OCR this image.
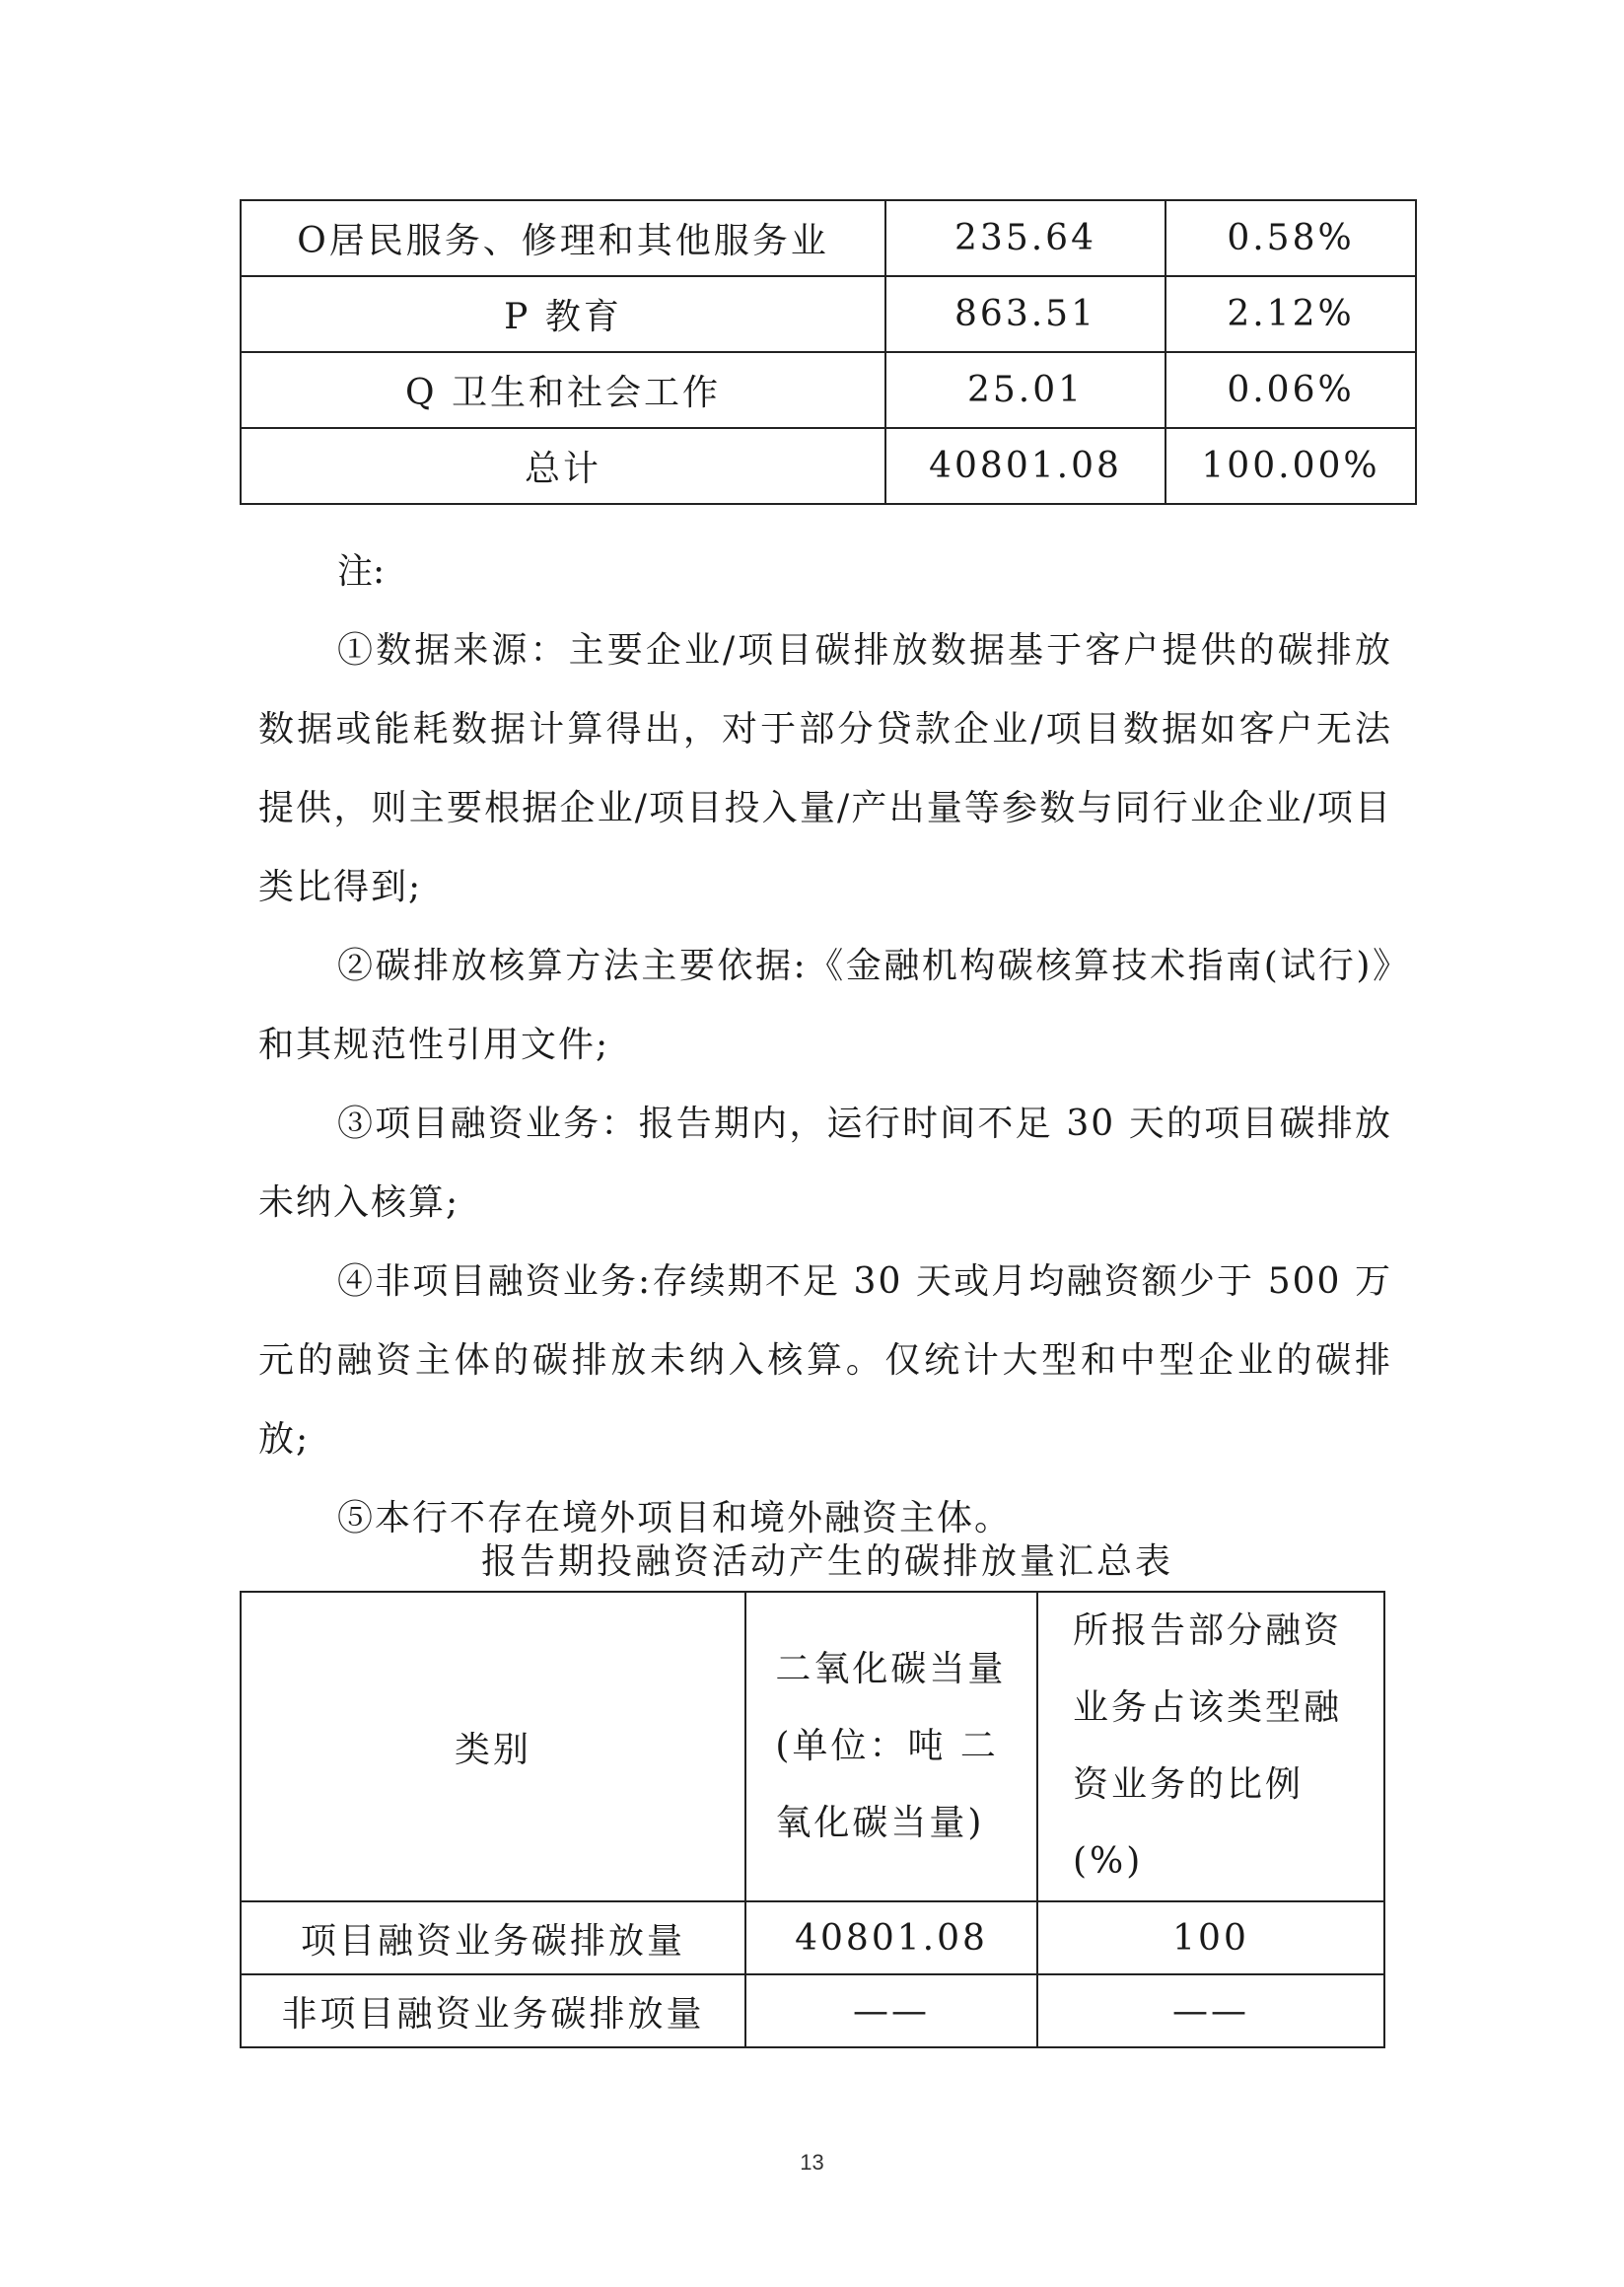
O居民服务、修理和其他服务业	235.64	0.58%
P 教育	863.51	2.12%
Q 卫生和社会工作	25.01	0.06%
总计	40801.08	100.00%
注:

①数据来源：主要企业/项目碳排放数据基于客户提供的碳排放数据或能耗数据计算得出，对于部分贷款企业/项目数据如客户无法提供，则主要根据企业/项目投入量/产出量等参数与同行业企业/项目类比得到;

②碳排放核算方法主要依据:《金融机构碳核算技术指南(试行)》和其规范性引用文件;

③项目融资业务：报告期内，运行时间不足 30 天的项目碳排放未纳入核算;

④非项目融资业务:存续期不足 30 天或月均融资额少于 500 万元的融资主体的碳排放未纳入核算。仅统计大型和中型企业的碳排放;

⑤本行不存在境外项目和境外融资主体。

报告期投融资活动产生的碳排放量汇总表
类别	二氧化碳当量(单位：吨 二氧化碳当量)	所报告部分融资业务占该类型融资业务的比例(%)
项目融资业务碳排放量	40801.08	100
非项目融资业务碳排放量	——	——
13
